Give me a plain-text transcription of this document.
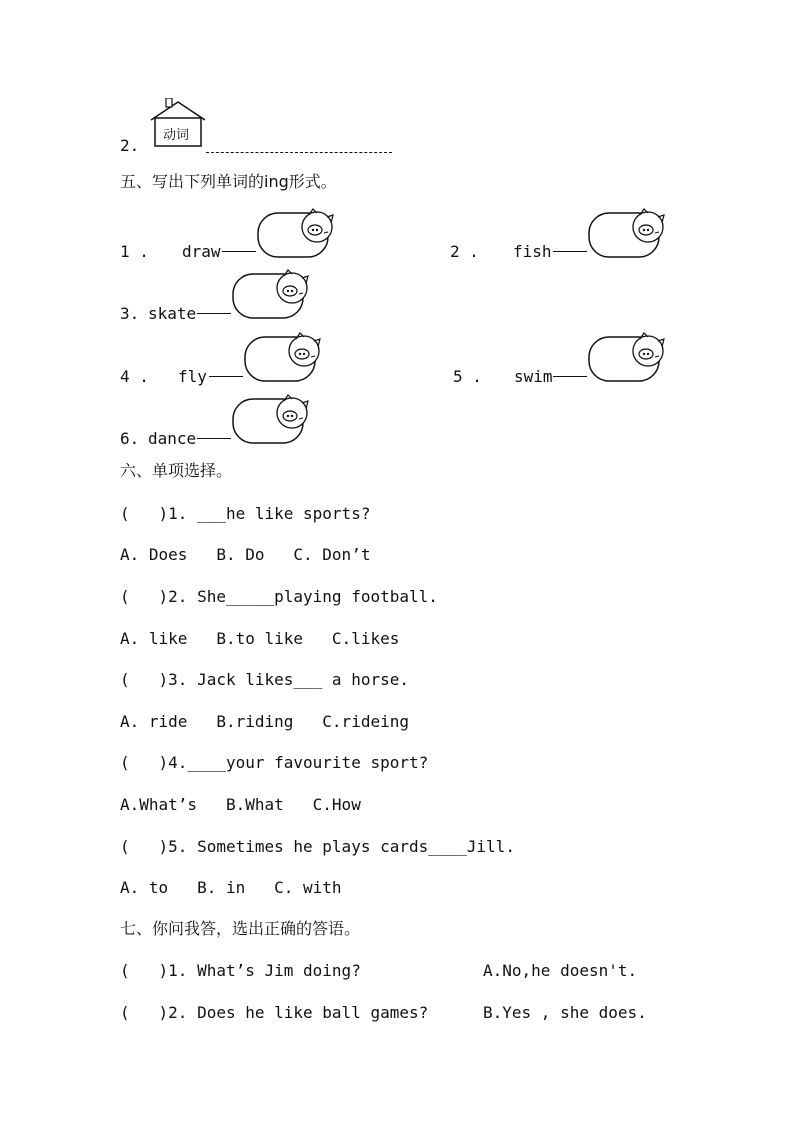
2.
动词
五、写出下列单词的ing形式。
1 . draw	2 . fish
3. skate
4 . fly	5 . swim
6. dance
六、单项选择。
(   )1. ___he like sports?
A. Does   B. Do   C. Don’t
(   )2. She_____playing football.
A. like   B.to like   C.likes
(   )3. Jack likes___ a horse.
A. ride   B.riding   C.rideing
(   )4.____your favourite sport?
A.What’s   B.What   C.How
(   )5. Sometimes he plays cards____Jill.
A. to   B. in   C. with
七、你问我答，选出正确的答语。
(   )1. What’s Jim doing?	A.No,he doesn't.
(   )2. Does he like ball games?	B.Yes , she does.
